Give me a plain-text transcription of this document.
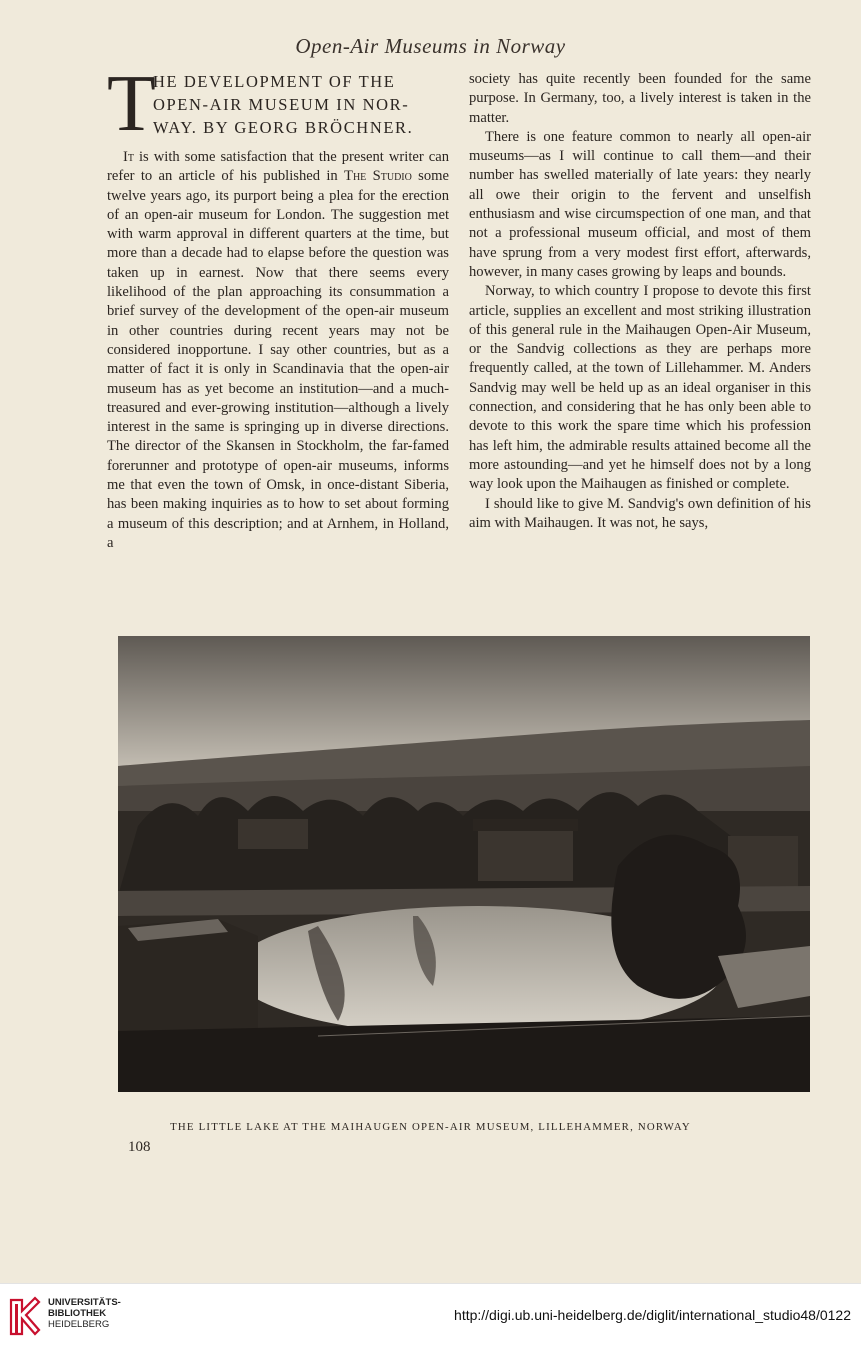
Open-Air Museums in Norway
T
HE DEVELOPMENT OF THE
OPEN-AIR MUSEUM IN NOR-
WAY. BY GEORG BRÖCHNER.

It is with some satisfaction that the present writer can refer to an article of his published in The Studio some twelve years ago, its purport being a plea for the erection of an open-air museum for London. The suggestion met with warm approval in different quarters at the time, but more than a decade had to elapse before the question was taken up in earnest. Now that there seems every likelihood of the plan approaching its consummation a brief survey of the development of the open-air museum in other countries during recent years may not be considered inopportune. I say other countries, but as a matter of fact it is only in Scandinavia that the open-air museum has as yet become an institution—and a much-treasured and ever-growing institution—although a lively interest in the same is springing up in diverse directions. The director of the Skansen in Stockholm, the far-famed forerunner and prototype of open-air museums, informs me that even the town of Omsk, in once-distant Siberia, has been making inquiries as to how to set about forming a museum of this description; and at Arnhem, in Holland, a

society has quite recently been founded for the same purpose. In Germany, too, a lively interest is taken in the matter.

There is one feature common to nearly all open-air museums—as I will continue to call them—and their number has swelled materially of late years: they nearly all owe their origin to the fervent and unselfish enthusiasm and wise circumspection of one man, and that not a professional museum official, and most of them have sprung from a very modest first effort, afterwards, however, in many cases growing by leaps and bounds.

Norway, to which country I propose to devote this first article, supplies an excellent and most striking illustration of this general rule in the Maihaugen Open-Air Museum, or the Sandvig collections as they are perhaps more frequently called, at the town of Lillehammer. M. Anders Sandvig may well be held up as an ideal organiser in this connection, and considering that he has only been able to devote to this work the spare time which his profession has left him, the admirable results attained become all the more astounding—and yet he himself does not by a long way look upon the Maihaugen as finished or complete.

I should like to give M. Sandvig's own definition of his aim with Maihaugen. It was not, he says,

THE LITTLE LAKE AT THE MAIHAUGEN OPEN-AIR MUSEUM, LILLEHAMMER, NORWAY
108
UNIVERSITÄTS-
BIBLIOTHEK
HEIDELBERG
http://digi.ub.uni-heidelberg.de/diglit/international_studio48/0122
